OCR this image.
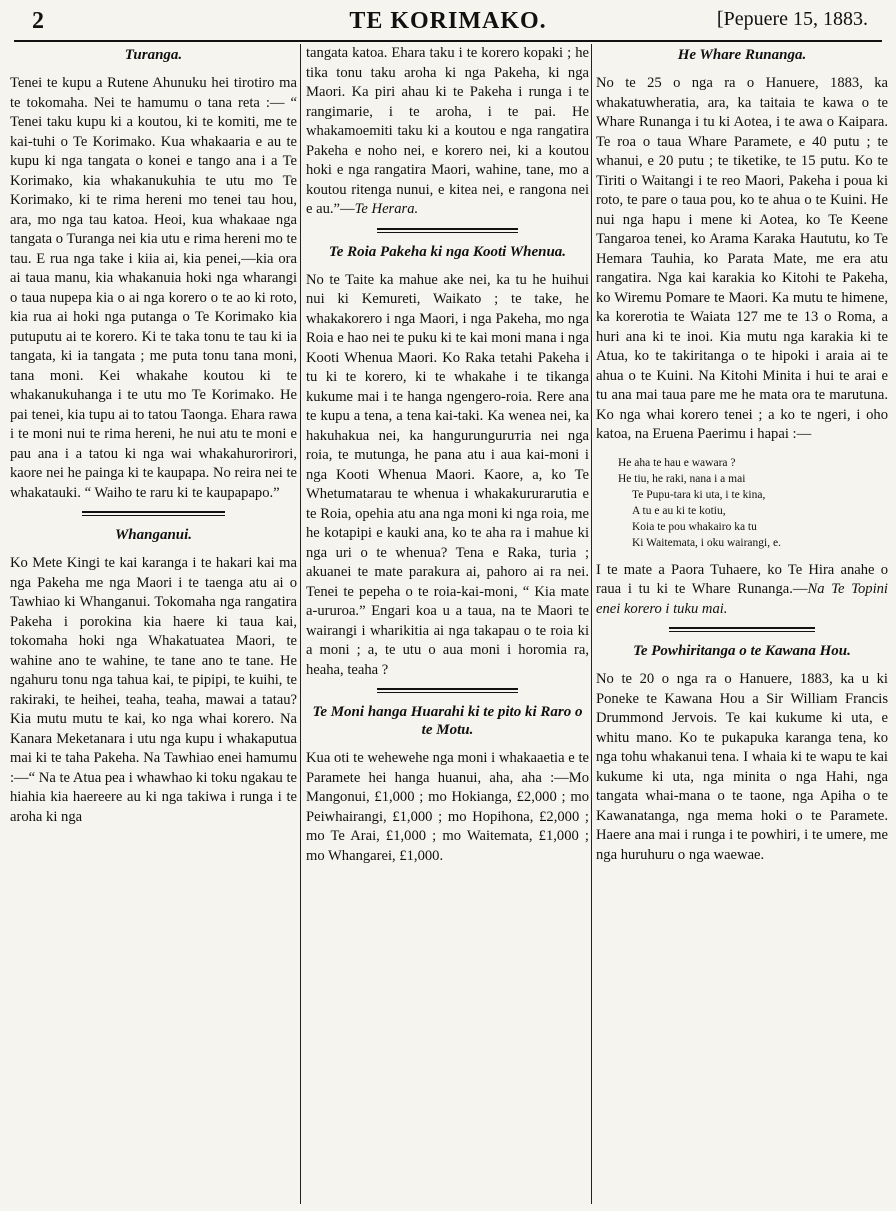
2	TE KORIMAKO.	[Pepuere 15, 1883.
Turanga.

Tenei te kupu a Rutene Ahunuku hei tirotiro ma te tokomaha. Nei te hamumu o tana reta :— “ Tenei taku kupu ki a koutou, ki te komiti, me te kai-tuhi o Te Korimako. Kua whakaaria e au te kupu ki nga tangata o konei e tango ana i a Te Korimako, kia whakanukuhia te utu mo Te Korimako, ki te rima hereni mo tenei tau hou, ara, mo nga tau katoa. Heoi, kua whakaae nga tangata o Turanga nei kia utu e rima hereni mo te tau. E rua nga take i kiia ai, kia penei,—kia ora ai taua manu, kia whakanuia hoki nga wharangi o taua nupepa kia o ai nga korero o te ao ki roto, kia rua ai hoki nga putanga o Te Korimako kia putuputu ai te korero. Ki te taka tonu te tau ki ia tangata, ki ia tangata ; me puta tonu tana moni, tana moni. Kei whakahe koutou ki te whakanukuhanga i te utu mo Te Korimako. He pai tenei, kia tupu ai to tatou Taonga. Ehara rawa i te moni nui te rima hereni, he nui atu te moni e pau ana i a tatou ki nga wai whakahurorirori, kaore nei he painga ki te kaupapa. No reira nei te whakatauki. “ Waiho te raru ki te kaupapapo.”

Whanganui.

Ko Mete Kingi te kai karanga i te hakari kai ma nga Pakeha me nga Maori i te taenga atu ai o Tawhiao ki Whanganui. Tokomaha nga rangatira Pakeha i porokina kia haere ki taua kai, tokomaha hoki nga Whakatuatea Maori, te wahine ano te wahine, te tane ano te tane. He ngahuru tonu nga tahua kai, te pipipi, te kuihi, te rakiraki, te heihei, teaha, teaha, mawai a tatau? Kia mutu mutu te kai, ko nga whai korero. Na Kanara Meketanara i utu nga kupu i whakaputua mai ki te taha Pakeha. Na Tawhiao enei hamumu :—“ Na te Atua pea i whawhao ki toku ngakau te hiahia kia haereere au ki nga takiwa i runga i te aroha ki nga

tangata katoa. Ehara taku i te korero kopaki ; he tika tonu taku aroha ki nga Pakeha, ki nga Maori. Ka piri ahau ki te Pakeha i runga i te rangimarie, i te aroha, i te pai. He whakamoemiti taku ki a koutou e nga rangatira Pakeha e noho nei, e korero nei, ki a koutou hoki e nga rangatira Maori, wahine, tane, mo a koutou ritenga nunui, e kitea nei, e rangona nei e au.”—Te Herara.

Te Roia Pakeha ki nga Kooti Whenua.

No te Taite ka mahue ake nei, ka tu he huihui nui ki Kemureti, Waikato ; te take, he whakakorero i nga Maori, i nga Pakeha, mo nga Roia e hao nei te puku ki te kai moni mana i nga Kooti Whenua Maori. Ko Raka tetahi Pakeha i tu ki te korero, ki te whakahe i te tikanga kukume mai i te hanga ngengero-roia. Rere ana te kupu a tena, a tena kai-taki. Ka wenea nei, ka hakuhakua nei, ka hangurunguruтia nei nga roia, te mutunga, he pana atu i aua kai-moni i nga Kooti Whenua Maori. Kaore, a, ko Te Whetumatarau te whenua i whakakururarutia e te Roia, opehia atu ana nga moni ki nga roia, me he kotapipi e kauki ana, ko te aha ra i mahue ki nga uri o te whenua? Tena e Raka, turia ; akuanei te mate parakura ai, pahoro ai ra nei. Tenei te pepeha o te roia-kai-moni, “ Kia mate a-ururoa.” Engari koa u a taua, na te Maori te wairangi i wharikitia ai nga takapau o te roia ki a moni ; a, te utu o aua moni i horomia ra, heaha, teaha ?

Te Moni hanga Huarahi ki te pito ki Raro o te Motu.

Kua oti te wehewehe nga moni i whakaaetia e te Paramete hei hanga huanui, aha, aha :—Mo Mangonui, £1,000 ; mo Hokianga, £2,000 ; mo Peiwhairangi, £1,000 ; mo Hopihona, £2,000 ; mo Te Arai, £1,000 ; mo Waitemata, £1,000 ; mo Whangarei, £1,000.

He Whare Runanga.

No te 25 o nga ra o Hanuere, 1883, ka whakatuwheratia, ara, ka taitaia te kawa o te Whare Runanga i tu ki Aotea, i te awa o Kaipara. Te roa o taua Whare Paramete, e 40 putu ; te whanui, e 20 putu ; te tiketike, te 15 putu. Ko te Tiriti o Waitangi i te reo Maori, Pakeha i poua ki roto, te pare o taua pou, ko te ahua o te Kuini. He nui nga hapu i mene ki Aotea, ko Te Keene Tangaroa tenei, ko Arama Karaka Haututu, ko Te Hemara Tauhia, ko Parata Mate, me era atu rangatira. Nga kai karakia ko Kitohi te Pakeha, ko Wiremu Pomare te Maori. Ka mutu te himene, ka korerotia te Waiata 127 me te 13 o Roma, a huri ana ki te inoi. Kia mutu nga karakia ki te Atua, ko te takiritanga o te hipoki i araia ai te ahua o te Kuini. Na Kitohi Minita i hui te arai e tu ana mai taua pare me he mata ora te marutuna. Ko nga whai korero tenei ; a ko te ngeri, i oho katoa, na Eruena Paerimu i hapai :—

He aha te hau e wawara ?
He tiu, he raki, nana i a mai
Te Pupu-tara ki uta, i te kina,
A tu e au ki te kotiu,
Koia te pou whakairo ka tu
Ki Waitemata, i oku wairangi, e.

I te mate a Paora Tuhaere, ko Te Hira anahe o raua i tu ki te Whare Runanga.—Na Te Topini enei korero i tuku mai.

Te Powhiritanga o te Kawana Hou.

No te 20 o nga ra o Hanuere, 1883, ka u ki Poneke te Kawana Hou a Sir William Francis Drummond Jervois. Te kai kukume ki uta, e whitu mano. Ko te pukapuka karanga tena, ko nga tohu whakanui tena. I whaia ki te wapu te kai kukume ki uta, nga minita o nga Hahi, nga tangata whai-mana o te taone, nga Apiha o te Kawanatanga, nga mema hoki o te Paramete. Haere ana mai i runga i te powhiri, i te umere, me nga huruhuru o nga waewae.
